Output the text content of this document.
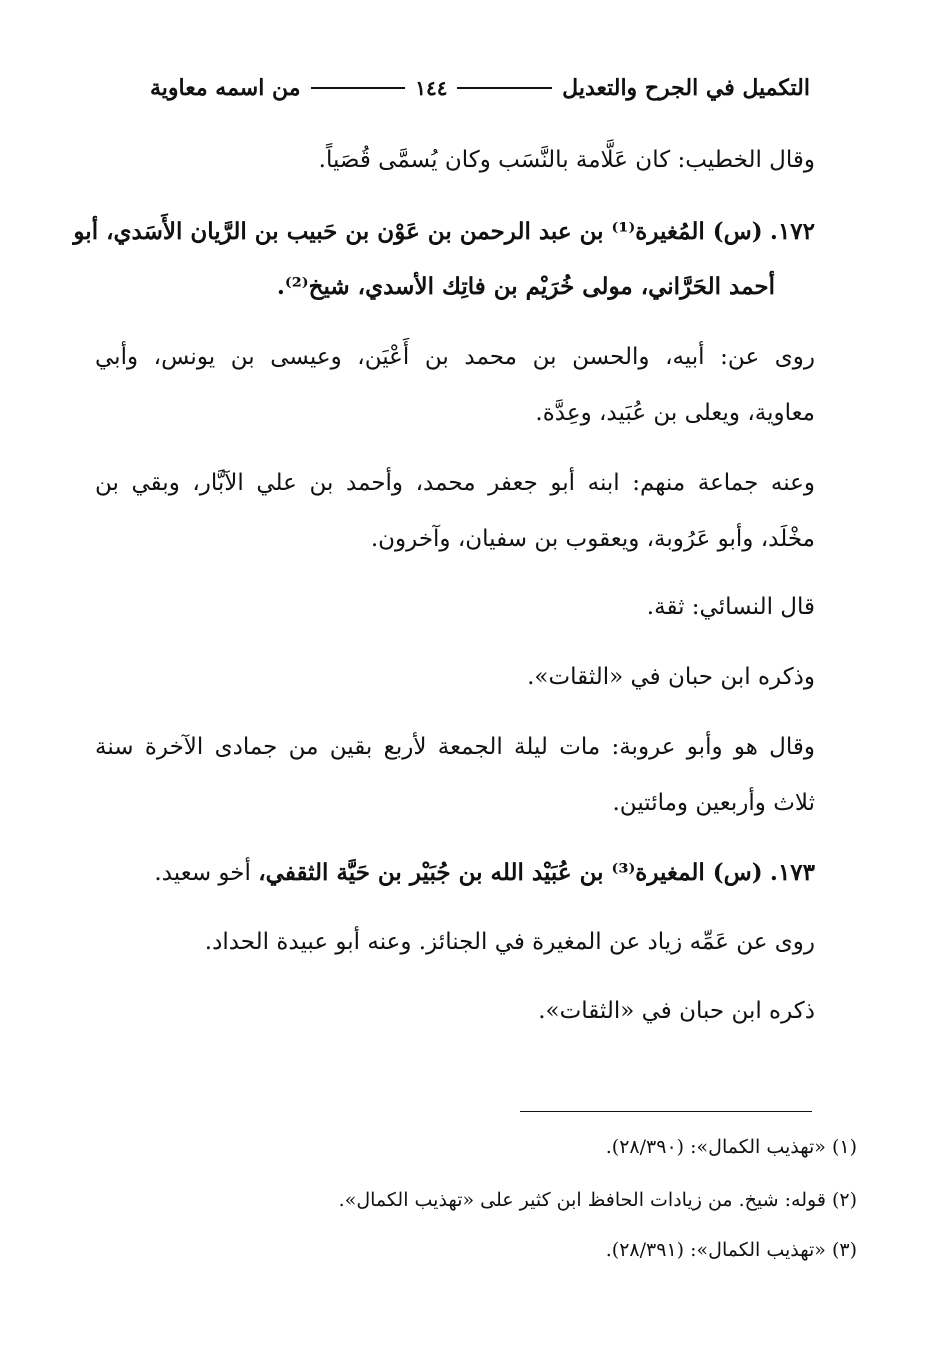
التكميل في الجرح والتعديل
١٤٤
من اسمه معاوية
وقال الخطيب: كان عَلَّامة بالنَّسَب وكان يُسمَّى قُصَياً.
١٧٢. (س) المُغيرة⁽¹⁾ بن عبد الرحمن بن عَوْن بن حَبيب بن الرَّيان الأَسَدي، أبو
أحمد الحَرَّاني، مولى خُرَيْم بن فاتِك الأسدي، شيخ⁽²⁾.
روى عن: أبيه، والحسن بن محمد بن أَعْيَن، وعيسى بن يونس، وأبي
معاوية، ويعلى بن عُبَيد، وعِدَّة.
وعنه جماعة منهم: ابنه أبو جعفر محمد، وأحمد بن علي الآبَّار، وبقي بن
مخْلَد، وأبو عَرُوبة، ويعقوب بن سفيان، وآخرون.
قال النسائي: ثقة.
وذكره ابن حبان في «الثقات».
وقال هو وأبو عروبة: مات ليلة الجمعة لأربع بقين من جمادى الآخرة سنة
ثلاث وأربعين ومائتين.
١٧٣. (س) المغيرة⁽³⁾ بن عُبَيْد الله بن جُبَيْر بن حَيَّة الثقفي، أخو سعيد.
روى عن عَمِّه زياد عن المغيرة في الجنائز. وعنه أبو عبيدة الحداد.
ذكره ابن حبان في «الثقات».
(١) «تهذيب الكمال»: (٢٨/٣٩٠).
(٢) قوله: شيخ. من زيادات الحافظ ابن كثير على «تهذيب الكمال».
(٣) «تهذيب الكمال»: (٢٨/٣٩١).
